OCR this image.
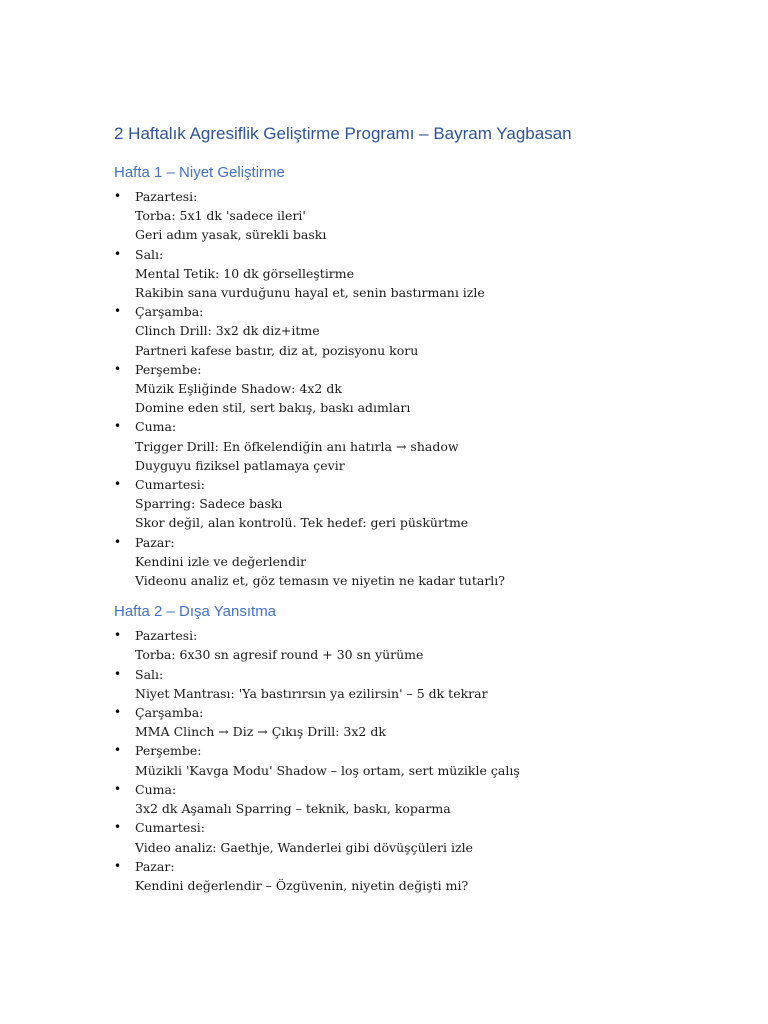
2 Haftalık Agresiflik Geliştirme Programı – Bayram Yagbasan
Hafta 1 – Niyet Geliştirme
• Pazartesi:
Torba: 5x1 dk 'sadece ileri'
Geri adım yasak, sürekli baskı
• Salı:
Mental Tetik: 10 dk görselleştirme
Rakibin sana vurduğunu hayal et, senin bastırmanı izle
• Çarşamba:
Clinch Drill: 3x2 dk diz+itme
Partneri kafese bastır, diz at, pozisyonu koru
• Perşembe:
Müzik Eşliğinde Shadow: 4x2 dk
Domine eden stil, sert bakış, baskı adımları
• Cuma:
Trigger Drill: En öfkelendiğin anı hatırla → shadow
Duyguyu fiziksel patlamaya çevir
• Cumartesi:
Sparring: Sadece baskı
Skor değil, alan kontrolü. Tek hedef: geri püskürtme
• Pazar:
Kendini izle ve değerlendir
Videonu analiz et, göz temasın ve niyetin ne kadar tutarlı?
Hafta 2 – Dışa Yansıtma
• Pazartesi:
Torba: 6x30 sn agresif round + 30 sn yürüme
• Salı:
Niyet Mantrası: 'Ya bastırırsın ya ezilirsin' – 5 dk tekrar
• Çarşamba:
MMA Clinch → Diz → Çıkış Drill: 3x2 dk
• Perşembe:
Müzikli 'Kavga Modu' Shadow – loş ortam, sert müzikle çalış
• Cuma:
3x2 dk Aşamalı Sparring – teknik, baskı, koparma
• Cumartesi:
Video analiz: Gaethje, Wanderlei gibi dövüşçüleri izle
• Pazar:
Kendini değerlendir – Özgüvenin, niyetin değişti mi?
